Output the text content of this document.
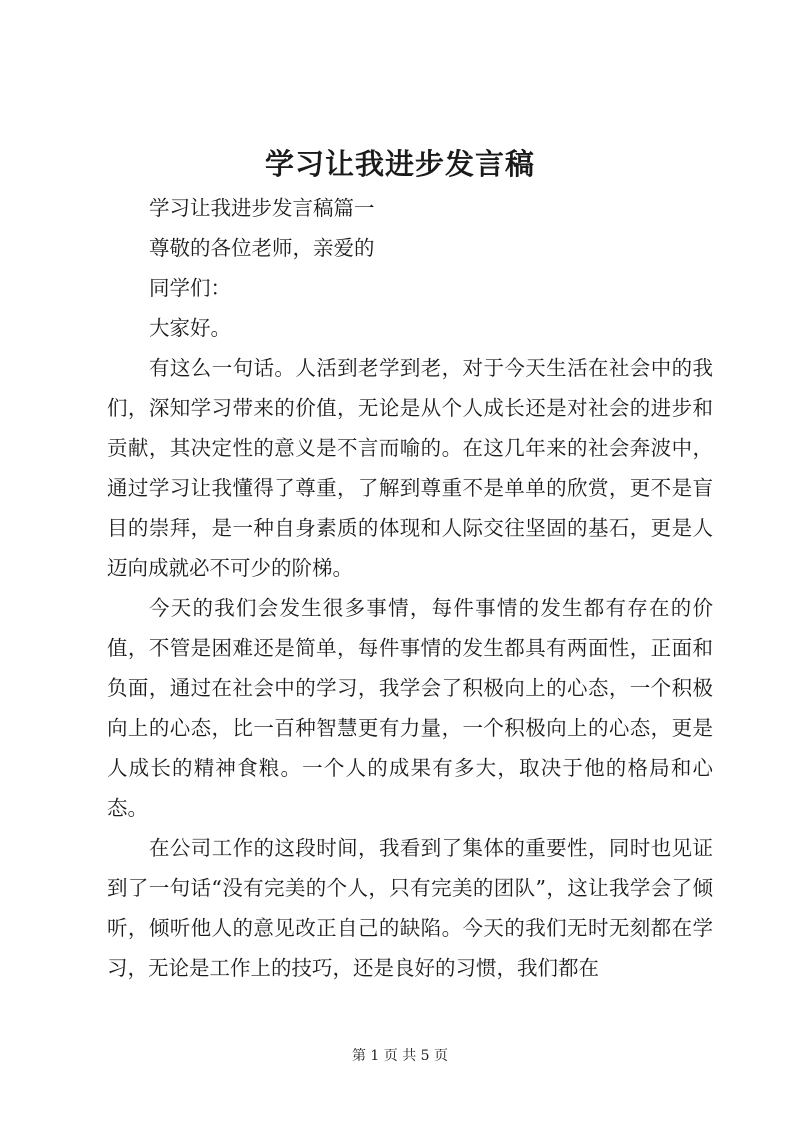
学习让我进步发言稿

学习让我进步发言稿篇一

尊敬的各位老师，亲爱的

同学们：

大家好。

有这么一句话。人活到老学到老，对于今天生活在社会中的我们，深知学习带来的价值，无论是从个人成长还是对社会的进步和贡献，其决定性的意义是不言而喻的。在这几年来的社会奔波中，通过学习让我懂得了尊重，了解到尊重不是单单的欣赏，更不是盲目的崇拜，是一种自身素质的体现和人际交往坚固的基石，更是人迈向成就必不可少的阶梯。

今天的我们会发生很多事情，每件事情的发生都有存在的价值，不管是困难还是简单，每件事情的发生都具有两面性，正面和负面，通过在社会中的学习，我学会了积极向上的心态，一个积极向上的心态，比一百种智慧更有力量，一个积极向上的心态，更是人成长的精神食粮。一个人的成果有多大，取决于他的格局和心态。

在公司工作的这段时间，我看到了集体的重要性，同时也见证到了一句话“没有完美的个人，只有完美的团队”，这让我学会了倾听，倾听他人的意见改正自己的缺陷。今天的我们无时无刻都在学习，无论是工作上的技巧，还是良好的习惯，我们都在

第 1 页 共 5 页
